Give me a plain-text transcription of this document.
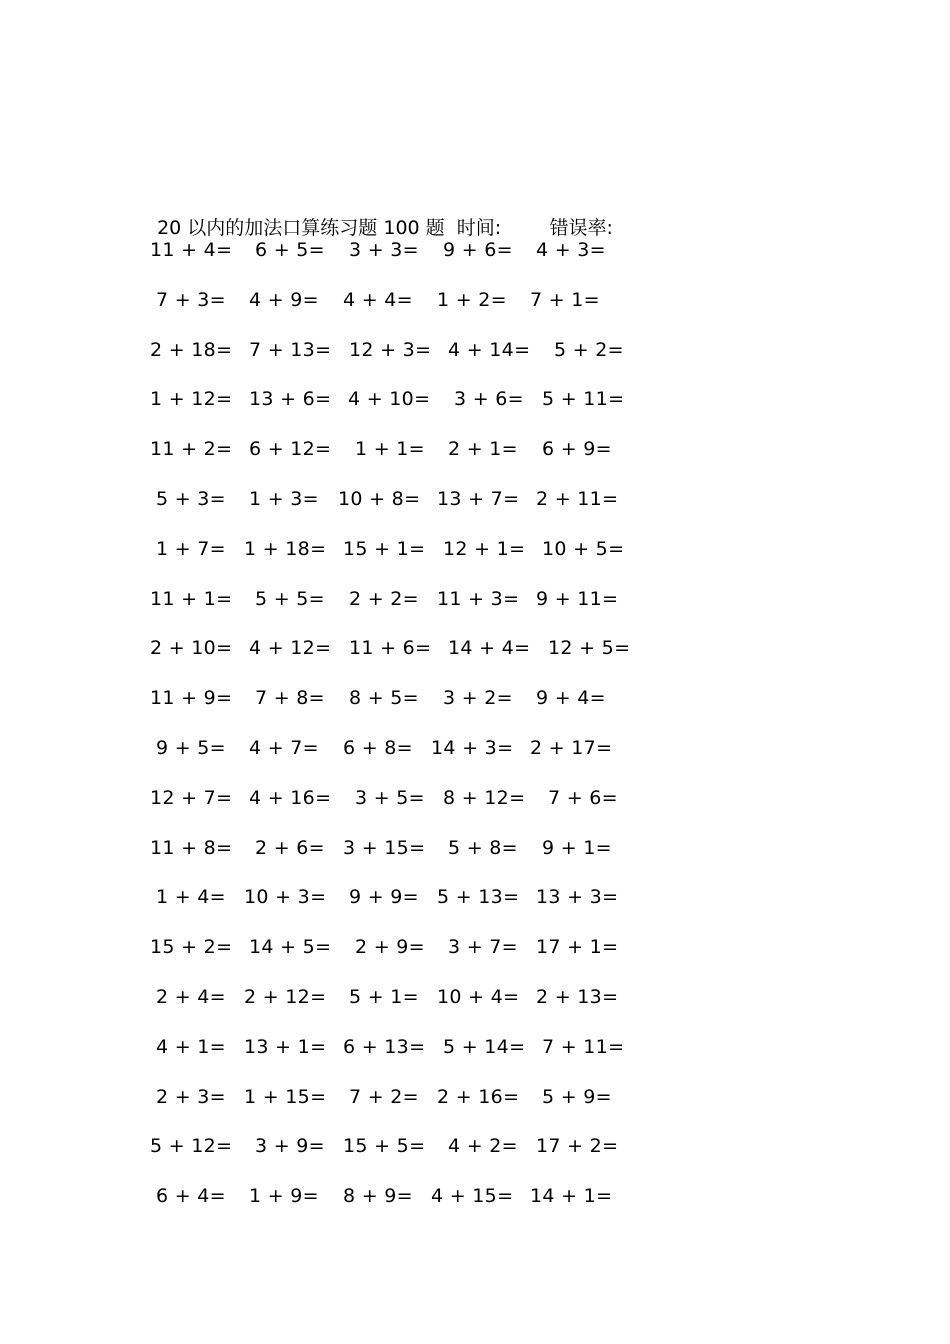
20 以内的加法口算练习题 100 题 时间:	错误率:

11 + 4= 6 + 5= 3 + 3= 9 + 6= 4 + 3=
7 + 3= 4 + 9= 4 + 4= 1 + 2= 7 + 1=
2 + 18= 7 + 13= 12 + 3= 4 + 14= 5 + 2=
1 + 12= 13 + 6= 4 + 10= 3 + 6= 5 + 11=
11 + 2= 6 + 12= 1 + 1= 2 + 1= 6 + 9=
5 + 3= 1 + 3= 10 + 8= 13 + 7= 2 + 11=
1 + 7= 1 + 18= 15 + 1= 12 + 1= 10 + 5=
11 + 1= 5 + 5= 2 + 2= 11 + 3= 9 + 11=
2 + 10= 4 + 12= 11 + 6= 14 + 4= 12 + 5=
11 + 9= 7 + 8= 8 + 5= 3 + 2= 9 + 4=
9 + 5= 4 + 7= 6 + 8= 14 + 3= 2 + 17=
12 + 7= 4 + 16= 3 + 5= 8 + 12= 7 + 6=
11 + 8= 2 + 6= 3 + 15= 5 + 8= 9 + 1=
1 + 4= 10 + 3= 9 + 9= 5 + 13= 13 + 3=
15 + 2= 14 + 5= 2 + 9= 3 + 7= 17 + 1=
2 + 4= 2 + 12= 5 + 1= 10 + 4= 2 + 13=
4 + 1= 13 + 1= 6 + 13= 5 + 14= 7 + 11=
2 + 3= 1 + 15= 7 + 2= 2 + 16= 5 + 9=
5 + 12= 3 + 9= 15 + 5= 4 + 2= 17 + 2=
6 + 4= 1 + 9= 8 + 9= 4 + 15= 14 + 1=
